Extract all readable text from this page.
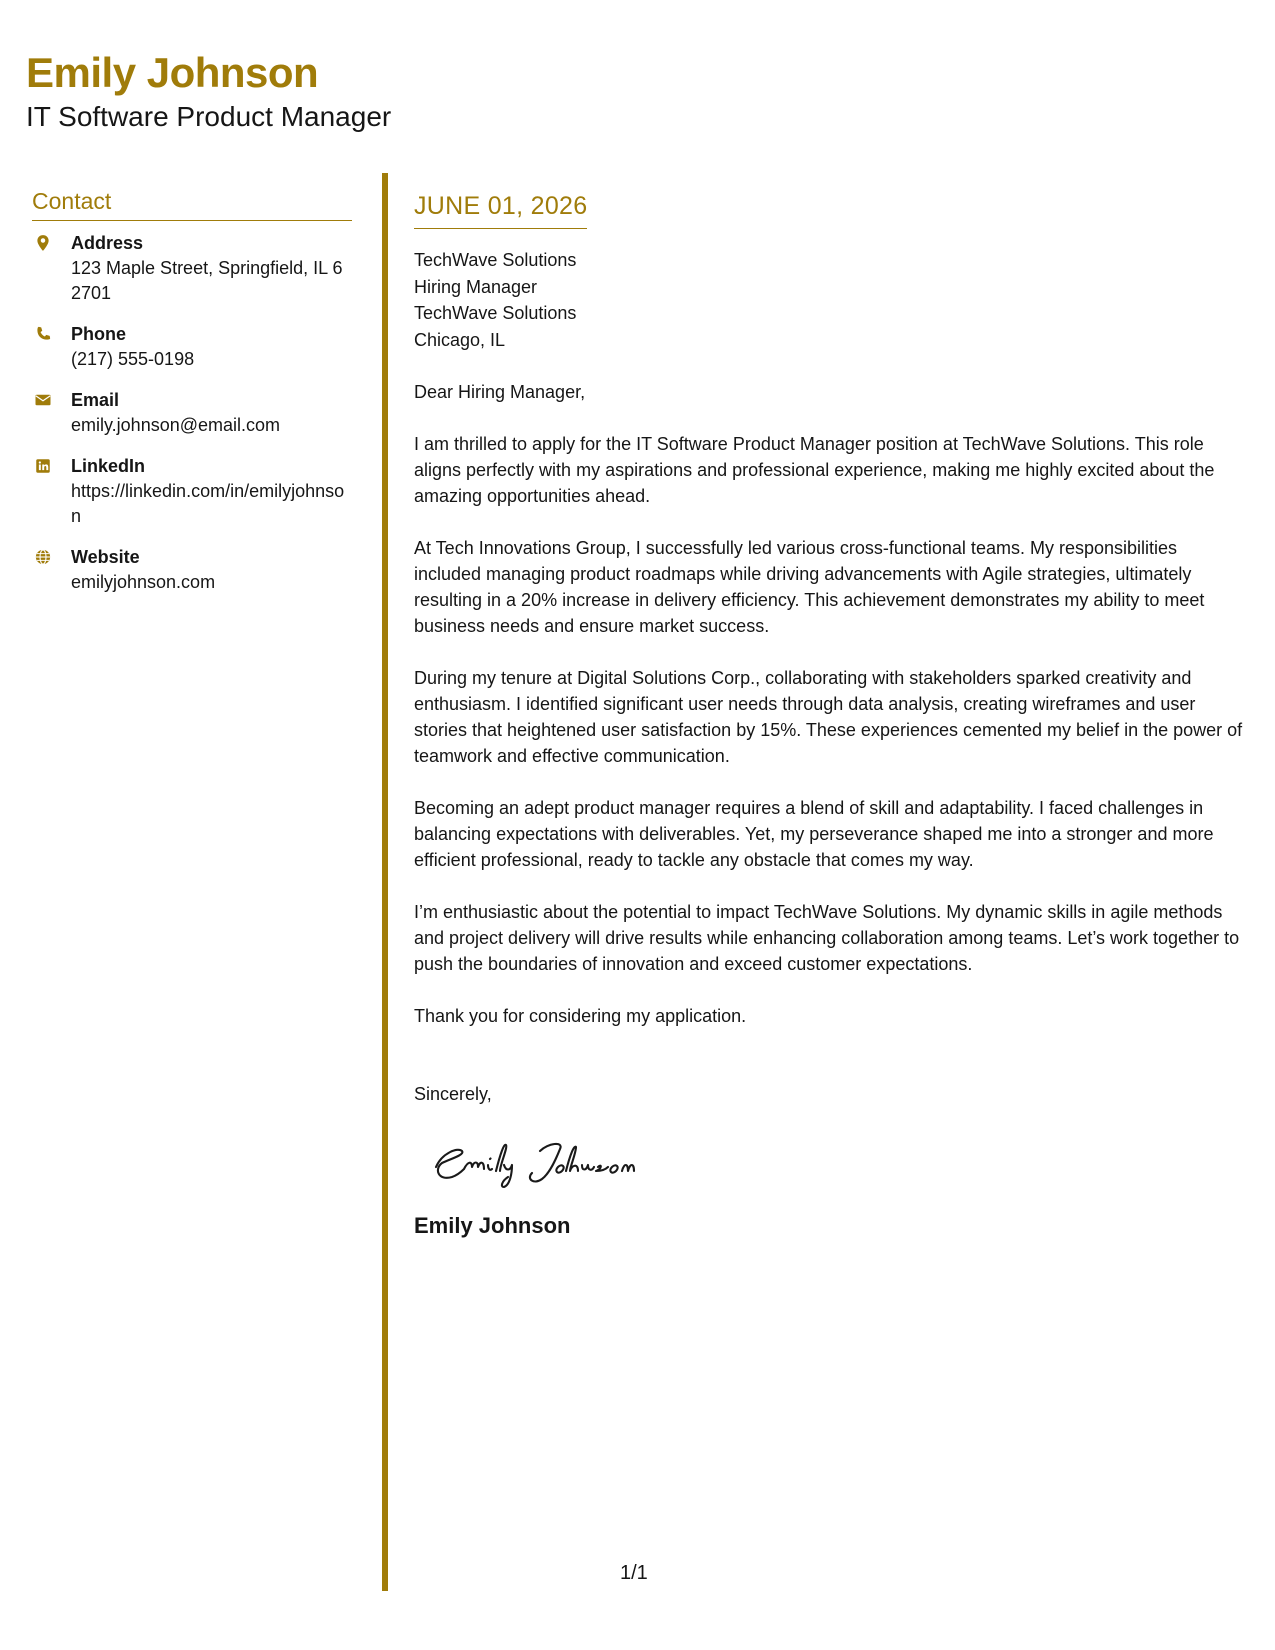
Emily Johnson
IT Software Product Manager
Contact
Address
123 Maple Street, Springfield, IL 62701
Phone
(217) 555-0198
Email
emily.johnson@email.com
LinkedIn
https://linkedin.com/in/emilyjohnson
Website
emilyjohnson.com
JUNE 01, 2026
TechWave Solutions
Hiring Manager
TechWave Solutions
Chicago, IL
Dear Hiring Manager,

I am thrilled to apply for the IT Software Product Manager position at TechWave Solutions. This role aligns perfectly with my aspirations and professional experience, making me highly excited about the amazing opportunities ahead.

At Tech Innovations Group, I successfully led various cross-functional teams. My responsibilities included managing product roadmaps while driving advancements with Agile strategies, ultimately resulting in a 20% increase in delivery efficiency. This achievement demonstrates my ability to meet business needs and ensure market success.

During my tenure at Digital Solutions Corp., collaborating with stakeholders sparked creativity and enthusiasm. I identified significant user needs through data analysis, creating wireframes and user stories that heightened user satisfaction by 15%. These experiences cemented my belief in the power of teamwork and effective communication.

Becoming an adept product manager requires a blend of skill and adaptability. I faced challenges in balancing expectations with deliverables. Yet, my perseverance shaped me into a stronger and more efficient professional, ready to tackle any obstacle that comes my way.

I’m enthusiastic about the potential to impact TechWave Solutions. My dynamic skills in agile methods and project delivery will drive results while enhancing collaboration among teams. Let’s work together to push the boundaries of innovation and exceed customer expectations.

Thank you for considering my application.

Sincerely,
Emily Johnson
1/1
